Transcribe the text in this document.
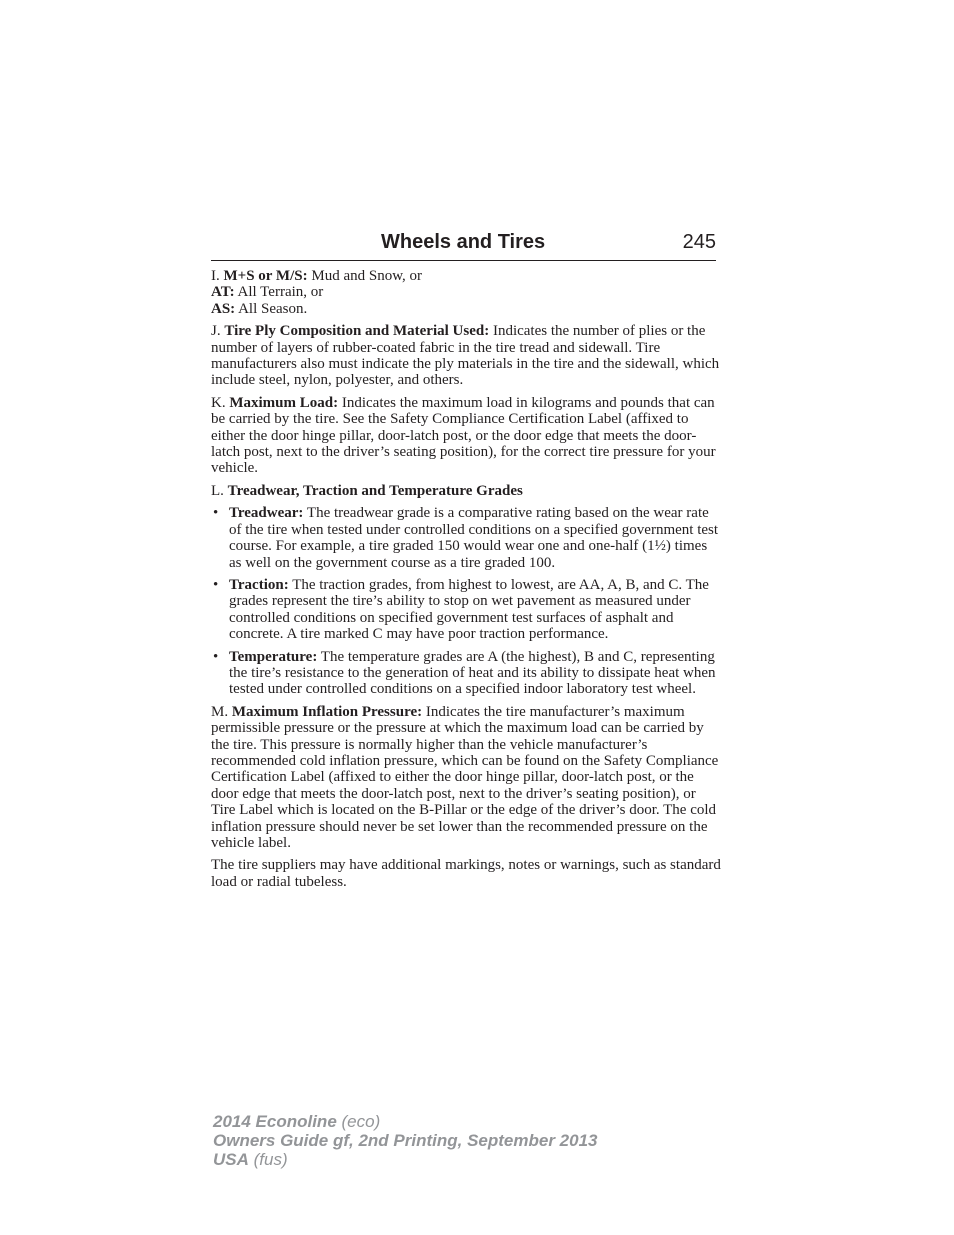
Wheels and Tires	245

I. M+S or M/S: Mud and Snow, or
AT: All Terrain, or
AS: All Season.

J. Tire Ply Composition and Material Used: Indicates the number of plies or the number of layers of rubber-coated fabric in the tire tread and sidewall. Tire manufacturers also must indicate the ply materials in the tire and the sidewall, which include steel, nylon, polyester, and others.

K. Maximum Load: Indicates the maximum load in kilograms and pounds that can be carried by the tire. See the Safety Compliance Certification Label (affixed to either the door hinge pillar, door-latch post, or the door edge that meets the door-latch post, next to the driver’s seating position), for the correct tire pressure for your vehicle.

L. Treadwear, Traction and Temperature Grades

• Treadwear: The treadwear grade is a comparative rating based on the wear rate of the tire when tested under controlled conditions on a specified government test course. For example, a tire graded 150 would wear one and one-half (1½) times as well on the government course as a tire graded 100.
• Traction: The traction grades, from highest to lowest, are AA, A, B, and C. The grades represent the tire’s ability to stop on wet pavement as measured under controlled conditions on specified government test surfaces of asphalt and concrete. A tire marked C may have poor traction performance.
• Temperature: The temperature grades are A (the highest), B and C, representing the tire’s resistance to the generation of heat and its ability to dissipate heat when tested under controlled conditions on a specified indoor laboratory test wheel.

M. Maximum Inflation Pressure: Indicates the tire manufacturer’s maximum permissible pressure or the pressure at which the maximum load can be carried by the tire. This pressure is normally higher than the vehicle manufacturer’s recommended cold inflation pressure, which can be found on the Safety Compliance Certification Label (affixed to either the door hinge pillar, door-latch post, or the door edge that meets the door-latch post, next to the driver’s seating position), or Tire Label which is located on the B-Pillar or the edge of the driver’s door. The cold inflation pressure should never be set lower than the recommended pressure on the vehicle label.

The tire suppliers may have additional markings, notes or warnings, such as standard load or radial tubeless.

2014 Econoline (eco)
Owners Guide gf, 2nd Printing, September 2013
USA (fus)
